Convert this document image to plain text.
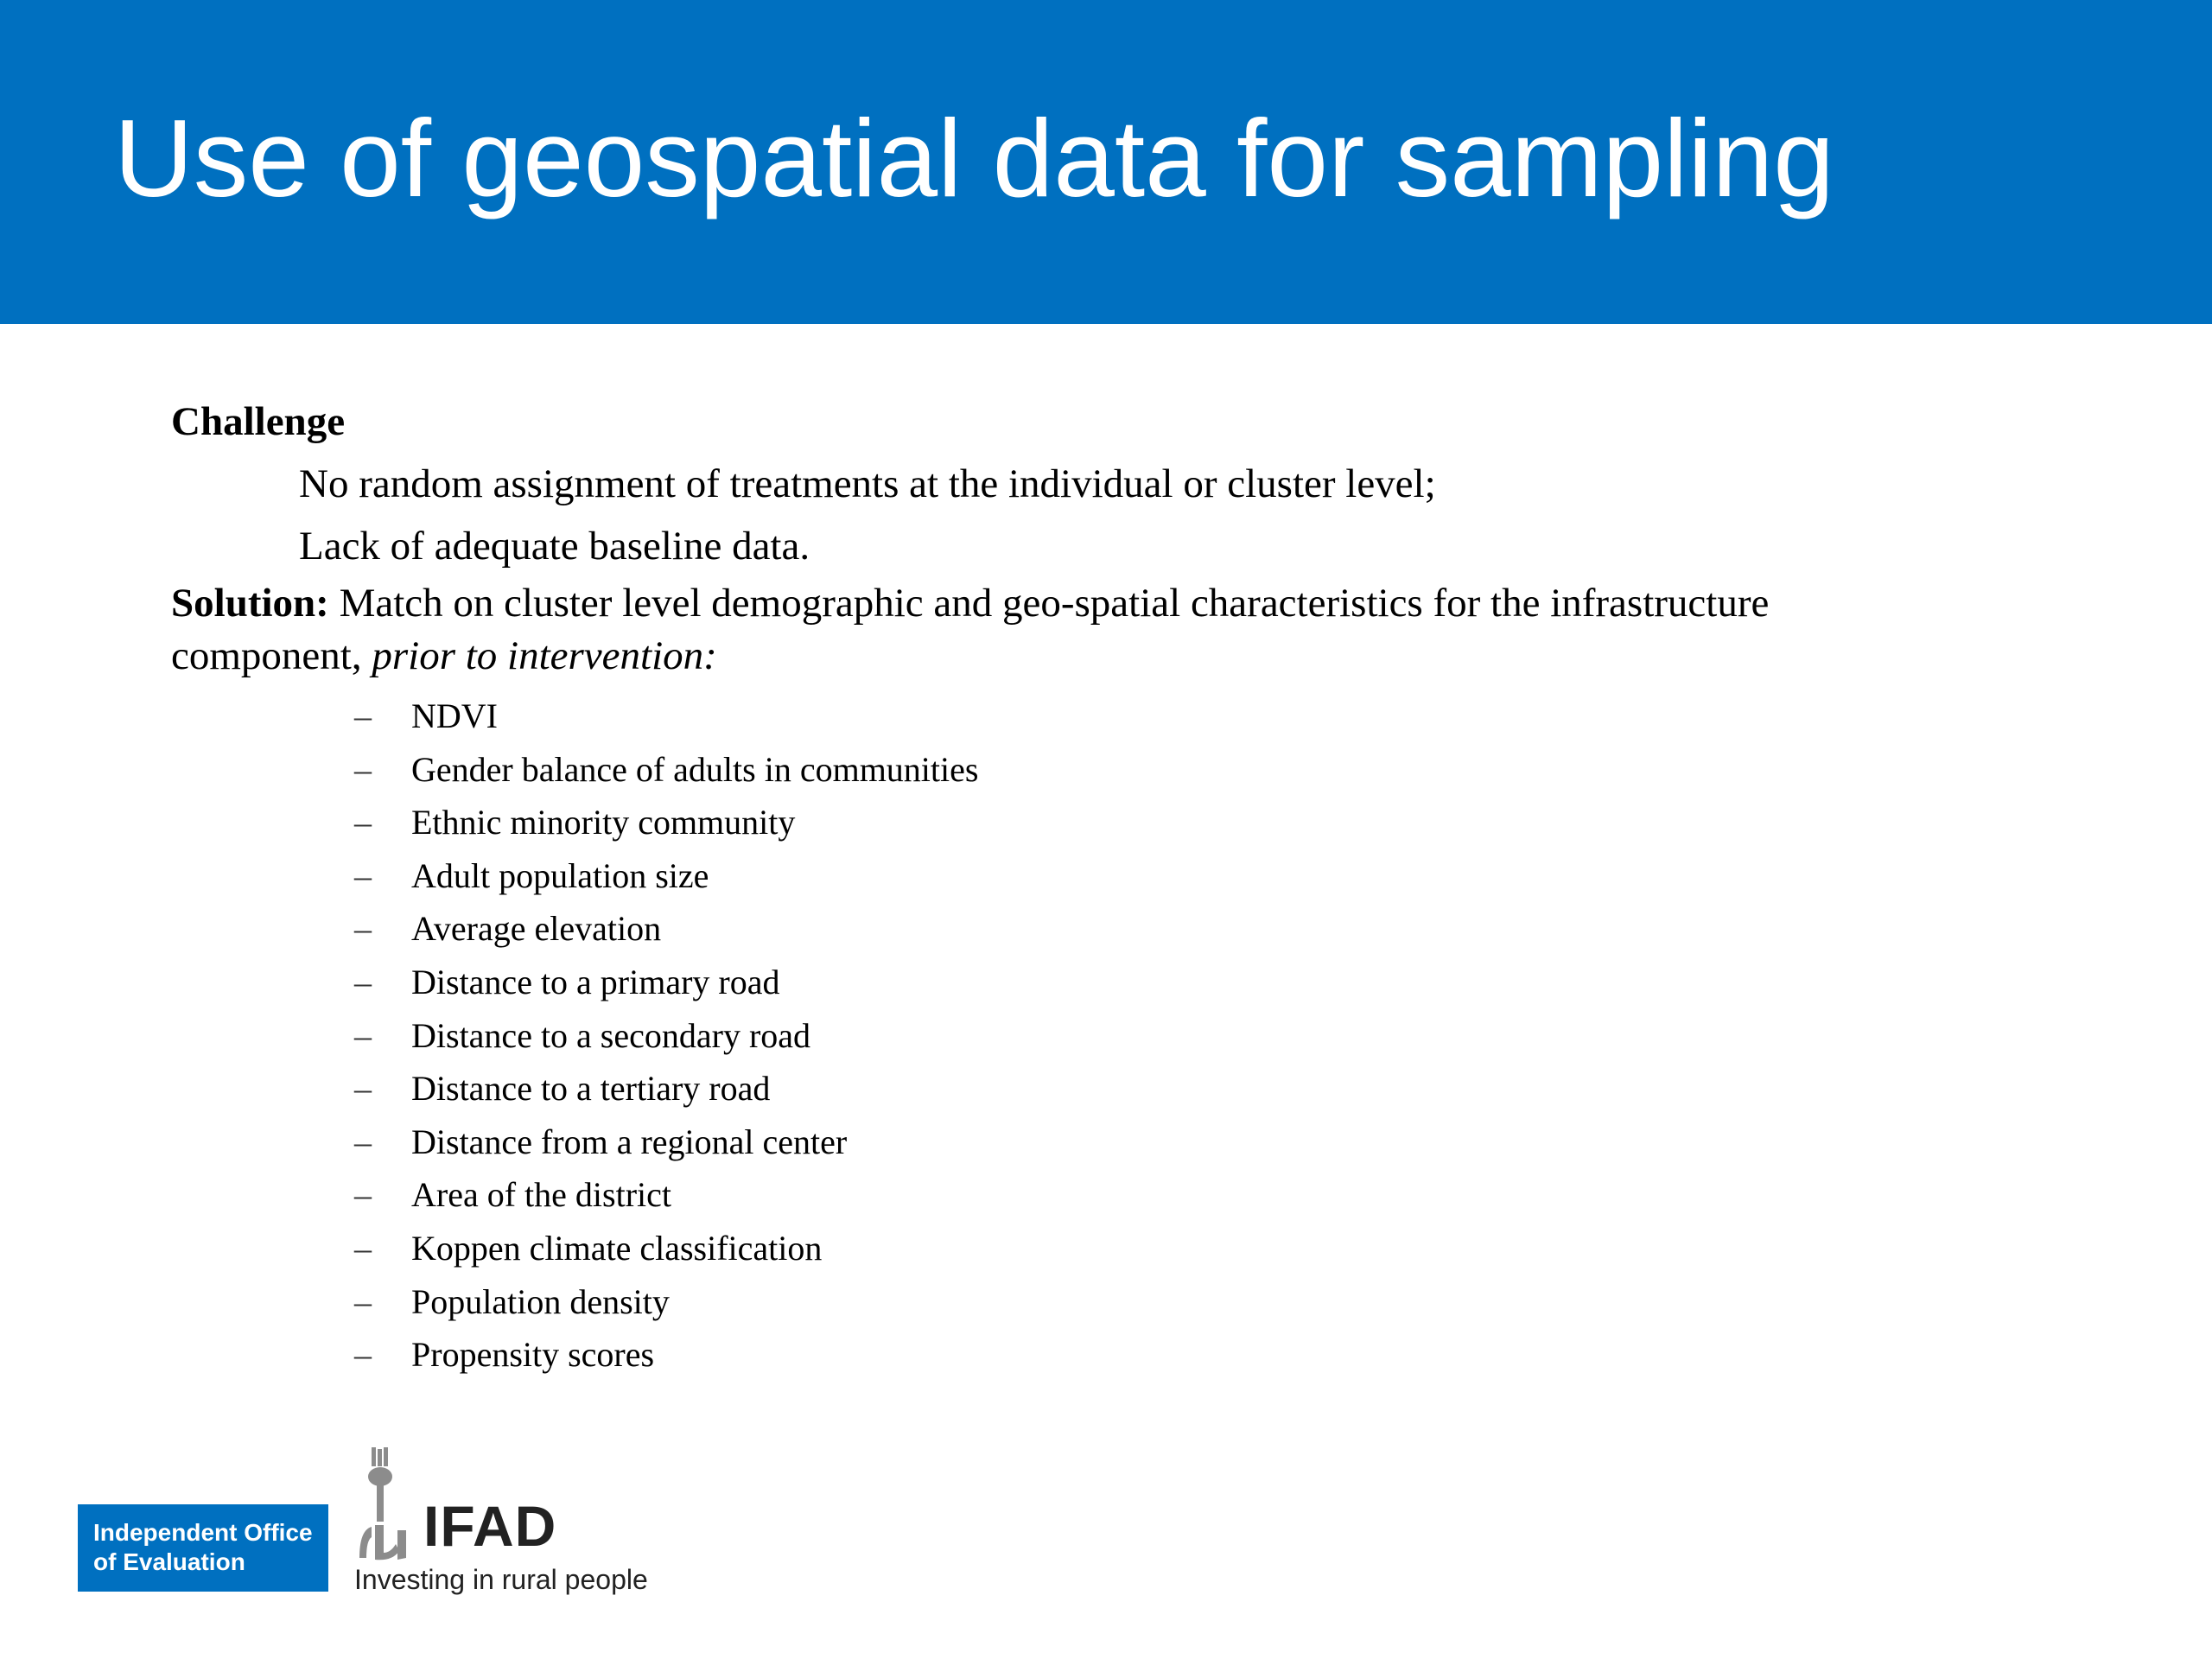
Use of geospatial data for sampling
Challenge
No random assignment of treatments at the individual or cluster level;
Lack of adequate baseline data.
Solution: Match on cluster level demographic and geo-spatial characteristics for the infrastructure component, prior to intervention:
–	NDVI
–	Gender balance of adults in communities
–	Ethnic minority community
–	Adult population size
–	Average elevation
–	Distance to a primary road
–	Distance to a secondary road
–	Distance to a tertiary road
–	Distance from a regional center
–	Area of the district
–	Koppen climate classification
–	Population density
–	Propensity scores
Independent Office
of Evaluation
IFAD
Investing in rural people
